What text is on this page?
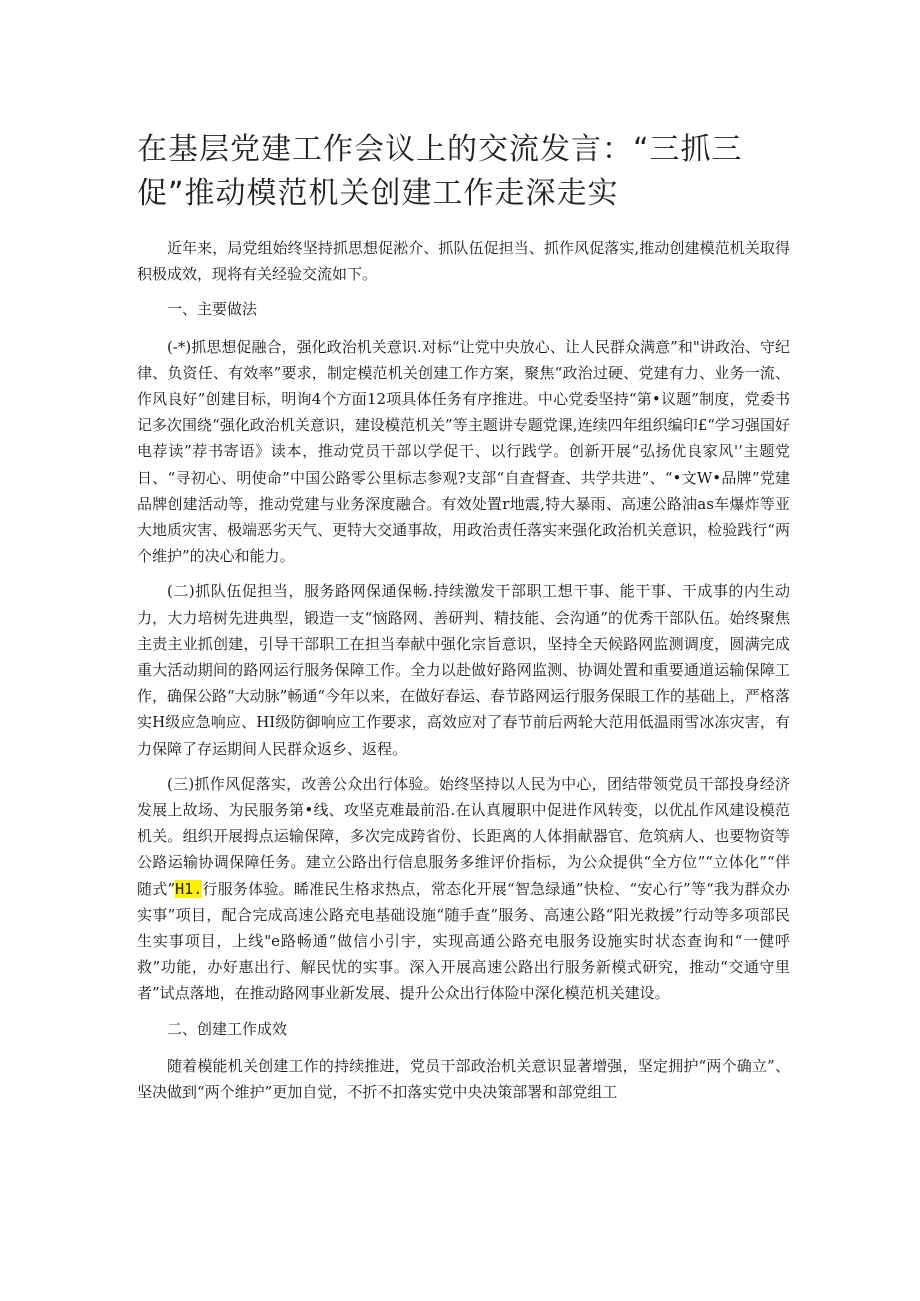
在基层党建工作会议上的交流发言：“三抓三促”推动模范机关创建工作走深走实

近年来，局党组始终坚持抓思想促淞介、抓队伍促担当、抓作风促落实,推动创建模范机关取得积极成效，现将有关经验交流如下。

一、主要做法

(-*)抓思想促融合，强化政治机关意识.对标“让党中央放心、让人民群众满意”和"讲政治、守纪律、负资任、有效率”要求，制定模范机关创建工作方案，聚焦“政治过硬、党建有力、业务一流、作风良好”创建目标，明询4个方面12项具体任务有序推进。中心党委坚持“第•议题”制度，党委书记多次围绕“强化政治机关意识，建设模范机关”等主题讲专题党课,连续四年组织编印£“学习强国好电荐读”荐书寄语》读本，推动党员干部以学促干、以行践学。创新开展“弘扬优良家风'’主题党日、“寻初心、明使命”中国公路零公里标志参观?支部“自查督查、共学共进”、“•文W•品牌”党建品牌创建活动等，推动党建与业务深度融合。有效处置r地震,特大暴雨、高速公路油as车爆炸等亚大地质灾害、极端恶劣天气、更特大交通事故，用政治责任落实来强化政治机关意识，检验践行“两个维护”的决心和能力。

(二)抓队伍促担当，服务路网保通保畅.持续激发干部职工想干事、能干事、干成事的内生动力，大力培树先进典型，锻造一支“恼路网、善研判、精技能、会沟通”的优秀干部队伍。始终聚焦主责主业抓创建，引导干部职工在担当奉献中强化宗旨意识，坚持全天候路网监测调度，圆满完成重大活动期间的路网运行服务保障工作。全力以赴做好路网监测、协调处置和重要通道运输保障工作，确保公路“大动脉”畅通“今年以来，在做好春运、春节路网运行服务保眼工作的基础上，严格落实H级应急响应、HI级防御响应工作要求，高效应对了春节前后两轮大范用低温雨雪冰冻灾害，有力保障了存运期间人民群众返乡、返程。

(三)抓作风促落实，改善公众出行体验。始终坚持以人民为中心，团结带领党员干部投身经济发展上故场、为民服务第•线、攻坚克难最前沿.在认真履职中促进作风转变，以优乩作风建设模范机关。组织开展拇点运输保障，多次完成跨省份、长距离的人体捐献器官、危筑病人、也要物资等公路运输协调保障任务。建立公路出行信息服务多维评价指标，为公众提供“全方位”“立体化”“伴随式”H1.行服务体验。睎准民生格求热点，常态化开展“智急绿通”快检、“安心行”等“我为群众办实事”项目，配合完成高速公路充电基础设施“随手查”服务、高速公路“阳光救援”行动等多项部民生实事项目，上线"e路畅通”做信小引宇，实现高通公路充电服务设施实时状态查询和“一健呼救”功能，办好惠出行、解民忧的实事。深入开展高速公路出行服务新模式研究，推动“交通守里者”试点落地，在推动路网事业新发展、提升公众出行体险中深化模范机关建设。

二、创建工作成效

随着模能机关创建工作的持续推进，党员干部政治机关意识显著增强，坚定拥护“两个确立”、坚决做到“两个维护”更加自觉，不折不扣落实党中央决策部署和部党组工
